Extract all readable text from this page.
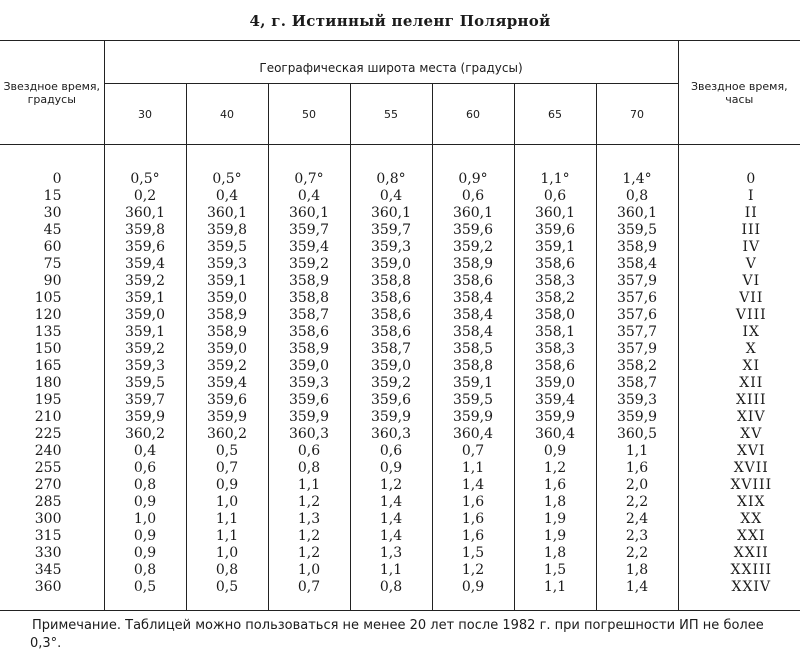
4, г. Истинный пеленг Полярной
Звездное время, градусы	Географическая широта места (градусы)							Звездное время, часы
	30	40	50	55	60	65	70	
0	0,5°	0,5°	0,7°	0,8°	0,9°	1,1°	1,4°	0
15	0,2	0,4	0,4	0,4	0,6	0,6	0,8	I
30	360,1	360,1	360,1	360,1	360,1	360,1	360,1	II
45	359,8	359,8	359,7	359,7	359,6	359,6	359,5	III
60	359,6	359,5	359,4	359,3	359,2	359,1	358,9	IV
75	359,4	359,3	359,2	359,0	358,9	358,6	358,4	V
90	359,2	359,1	358,9	358,8	358,6	358,3	357,9	VI
105	359,1	359,0	358,8	358,6	358,4	358,2	357,6	VII
120	359,0	358,9	358,7	358,6	358,4	358,0	357,6	VIII
135	359,1	358,9	358,6	358,6	358,4	358,1	357,7	IX
150	359,2	359,0	358,9	358,7	358,5	358,3	357,9	X
165	359,3	359,2	359,0	359,0	358,8	358,6	358,2	XI
180	359,5	359,4	359,3	359,2	359,1	359,0	358,7	XII
195	359,7	359,6	359,6	359,6	359,5	359,4	359,3	XIII
210	359,9	359,9	359,9	359,9	359,9	359,9	359,9	XIV
225	360,2	360,2	360,3	360,3	360,4	360,4	360,5	XV
240	0,4	0,5	0,6	0,6	0,7	0,9	1,1	XVI
255	0,6	0,7	0,8	0,9	1,1	1,2	1,6	XVII
270	0,8	0,9	1,1	1,2	1,4	1,6	2,0	XVIII
285	0,9	1,0	1,2	1,4	1,6	1,8	2,2	XIX
300	1,0	1,1	1,3	1,4	1,6	1,9	2,4	XX
315	0,9	1,1	1,2	1,4	1,6	1,9	2,3	XXI
330	0,9	1,0	1,2	1,3	1,5	1,8	2,2	XXII
345	0,8	0,8	1,0	1,1	1,2	1,5	1,8	XXIII
360	0,5	0,5	0,7	0,8	0,9	1,1	1,4	XXIV
Примечание. Таблицей можно пользоваться не менее 20 лет после 1982 г. при погрешности ИП не более 0,3°.
